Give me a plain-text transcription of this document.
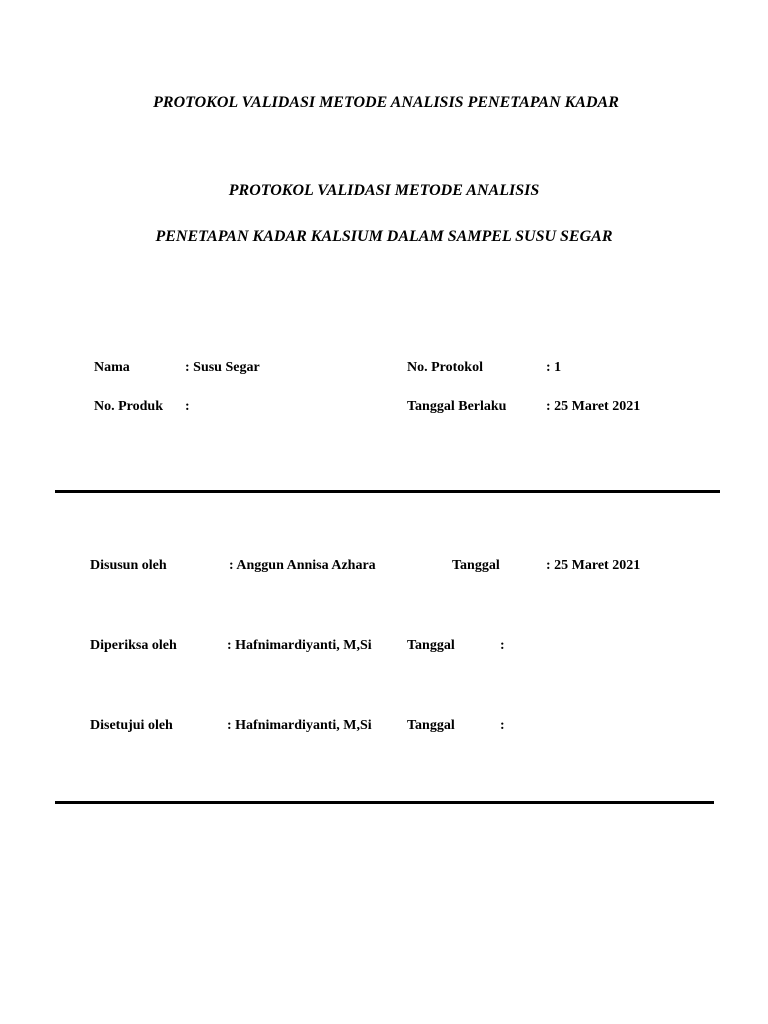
PROTOKOL VALIDASI METODE ANALISIS PENETAPAN KADAR
PROTOKOL VALIDASI METODE ANALISIS
PENETAPAN KADAR KALSIUM DALAM SAMPEL SUSU SEGAR
Nama	: Susu Segar	No. Protokol	: 1
No. Produk :	Tanggal Berlaku	: 25 Maret 2021
Disusun oleh	: Anggun Annisa Azhara	Tanggal	: 25 Maret 2021
Diperiksa oleh	: Hafnimardiyanti, M,Si	Tanggal	:
Disetujui oleh	: Hafnimardiyanti, M,Si	Tanggal	:
